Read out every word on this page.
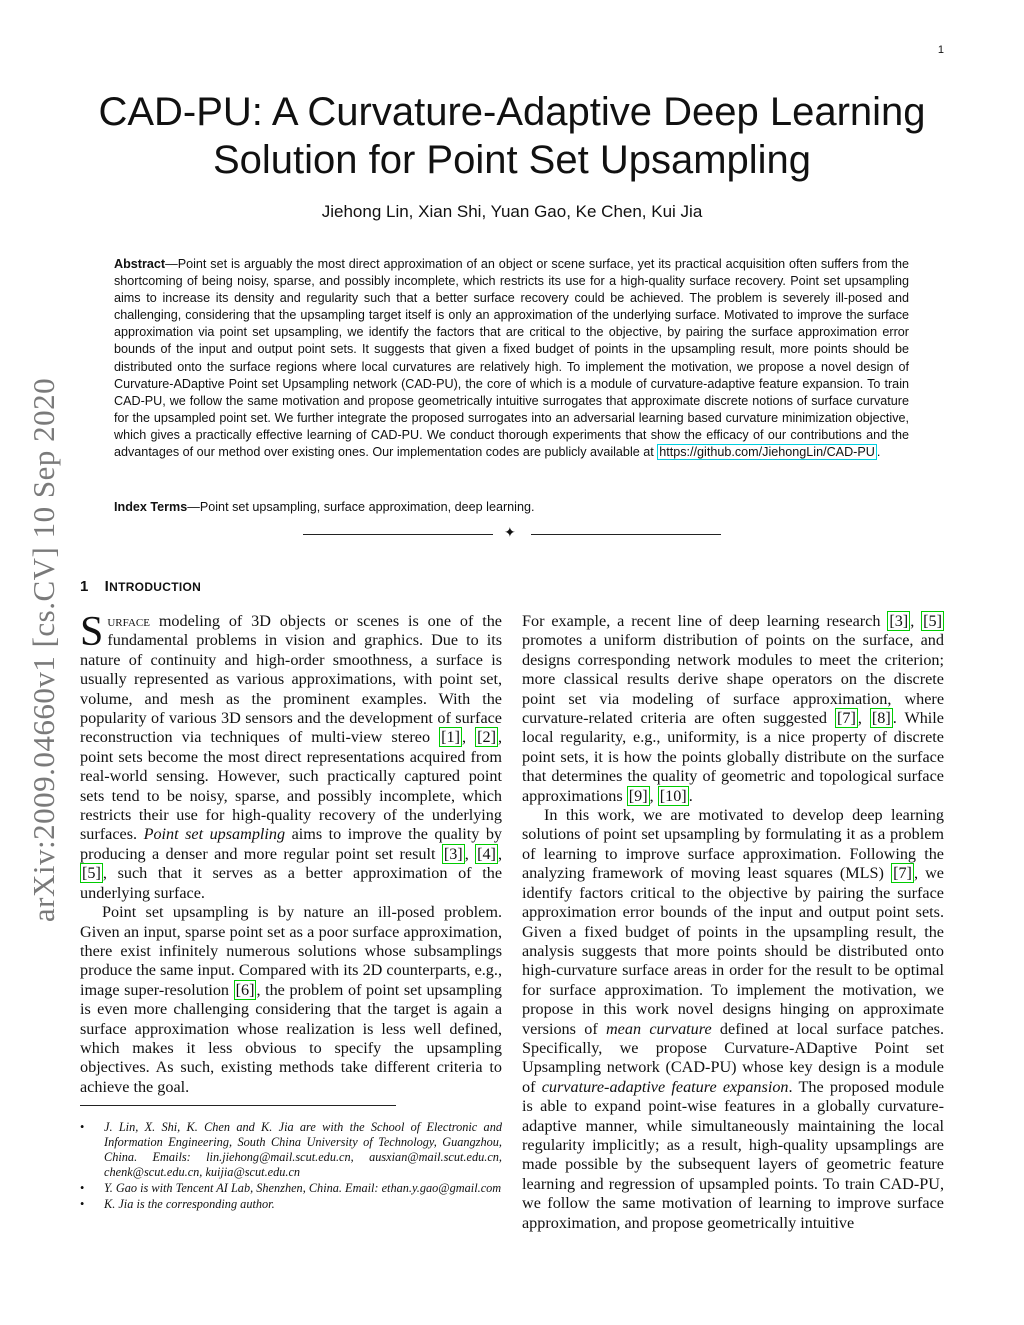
1
arXiv:2009.04660v1 [cs.CV] 10 Sep 2020
CAD-PU: A Curvature-Adaptive Deep Learning Solution for Point Set Upsampling
Jiehong Lin, Xian Shi, Yuan Gao, Ke Chen, Kui Jia

Abstract—Point set is arguably the most direct approximation of an object or scene surface, yet its practical acquisition often suffers from the shortcoming of being noisy, sparse, and possibly incomplete, which restricts its use for a high-quality surface recovery. Point set upsampling aims to increase its density and regularity such that a better surface recovery could be achieved. The problem is severely ill-posed and challenging, considering that the upsampling target itself is only an approximation of the underlying surface. Motivated to improve the surface approximation via point set upsampling, we identify the factors that are critical to the objective, by pairing the surface approximation error bounds of the input and output point sets. It suggests that given a fixed budget of points in the upsampling result, more points should be distributed onto the surface regions where local curvatures are relatively high. To implement the motivation, we propose a novel design of Curvature-ADaptive Point set Upsampling network (CAD-PU), the core of which is a module of curvature-adaptive feature expansion. To train CAD-PU, we follow the same motivation and propose geometrically intuitive surrogates that approximate discrete notions of surface curvature for the upsampled point set. We further integrate the proposed surrogates into an adversarial learning based curvature minimization objective, which gives a practically effective learning of CAD-PU. We conduct thorough experiments that show the efficacy of our contributions and the advantages of our method over existing ones. Our implementation codes are publicly available at https://github.com/JiehongLin/CAD-PU .

Index Terms—Point set upsampling, surface approximation, deep learning.

✦
1 INTRODUCTION

Surface modeling of 3D objects or scenes is one of the fundamental problems in vision and graphics. Due to its nature of continuity and high-order smoothness, a surface is usually represented as various approximations, with point set, volume, and mesh as the prominent examples. With the popularity of various 3D sensors and the development of surface reconstruction via techniques of multi-view stereo [1] , [2] , point sets become the most direct representations acquired from real-world sensing. However, such practically captured point sets tend to be noisy, sparse, and possibly incomplete, which restricts their use for high-quality recovery of the underlying surfaces. Point set upsampling aims to improve the quality by producing a denser and more regular point set result [3] , [4] , [5] , such that it serves as a better approximation of the underlying surface.

Point set upsampling is by nature an ill-posed problem. Given an input, sparse point set as a poor surface approximation, there exist infinitely numerous solutions whose subsamplings produce the same input. Compared with its 2D counterparts, e.g., image super-resolution [6] , the problem of point set upsampling is even more challenging considering that the target is again a surface approximation whose realization is less well defined, which makes it less obvious to specify the upsampling objectives. As such, existing methods take different criteria to achieve the goal.

• J. Lin, X. Shi, K. Chen and K. Jia are with the School of Electronic and Information Engineering, South China University of Technology, Guangzhou, China. Emails: lin.jiehong@mail.scut.edu.cn, ausxian@mail.scut.edu.cn, chenk@scut.edu.cn, kuijia@scut.edu.cn
• Y. Gao is with Tencent AI Lab, Shenzhen, China. Email: ethan.y.gao@gmail.com
• K. Jia is the corresponding author.

For example, a recent line of deep learning research [3] , [5] promotes a uniform distribution of points on the surface, and designs corresponding network modules to meet the criterion; more classical results derive shape operators on the discrete point set via modeling of surface approximation, where curvature-related criteria are often suggested [7] , [8] . While local regularity, e.g., uniformity, is a nice property of discrete point sets, it is how the points globally distribute on the surface that determines the quality of geometric and topological surface approximations [9] , [10] .

In this work, we are motivated to develop deep learning solutions of point set upsampling by formulating it as a problem of learning to improve surface approximation. Following the analyzing framework of moving least squares (MLS) [7] , we identify factors critical to the objective by pairing the surface approximation error bounds of the input and output point sets. Given a fixed budget of points in the upsampling result, the analysis suggests that more points should be distributed onto high-curvature surface areas in order for the result to be optimal for surface approximation. To implement the motivation, we propose in this work novel designs hinging on approximate versions of mean curvature defined at local surface patches. Specifically, we propose Curvature-ADaptive Point set Upsampling network (CAD-PU) whose key design is a module of curvature-adaptive feature expansion. The proposed module is able to expand point-wise features in a globally curvature-adaptive manner, while simultaneously maintaining the local regularity implicitly; as a result, high-quality upsamplings are made possible by the subsequent layers of geometric feature learning and regression of upsampled points. To train CAD-PU, we follow the same motivation of learning to improve surface approximation, and propose geometrically intuitive
